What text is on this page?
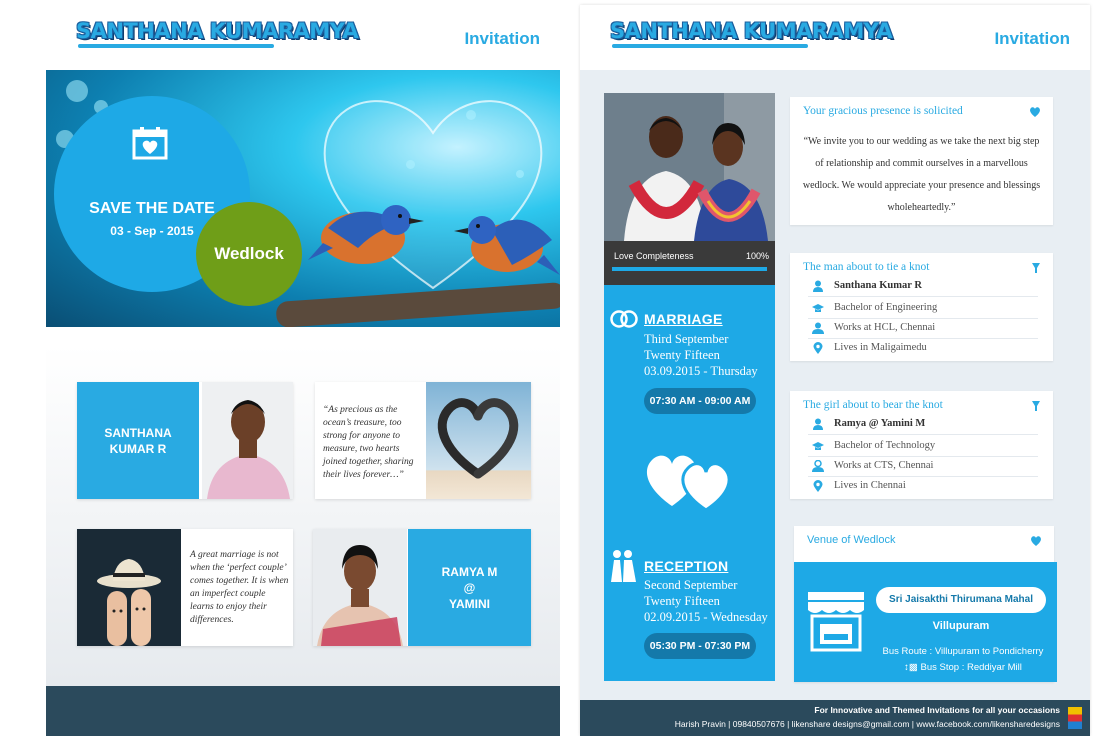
SANTHANA KUMARAMYA	Invitation
SAVE THE DATE
03 - Sep - 2015
Wedlock
SANTHANA
KUMAR R
“As precious as the ocean’s treasure, too strong for anyone to measure, two hearts joined together, sharing their lives forever…”
A great marriage is not when the ‘perfect couple’ comes together. It is when an imperfect couple learns to enjoy their differences.
RAMYA M
@
YAMINI
SANTHANA KUMARAMYA	Invitation
Love Completeness	100%
MARRIAGE
Third September
Twenty Fifteen
03.09.2015 - Thursday
07:30 AM - 09:00 AM
RECEPTION
Second September
Twenty Fifteen
02.09.2015 - Wednesday
05:30 PM - 07:30 PM
Your gracious presence is solicited
“We invite you to our wedding as we take the next big step of relationship and commit ourselves in a marvellous wedlock. We would appreciate your presence and blessings wholeheartedly.”
The man about to tie a knot
Santhana Kumar R
Bachelor of Engineering
Works at HCL, Chennai
Lives in Maligaimedu
The girl about to bear the knot
Ramya @ Yamini M
Bachelor of Technology
Works at CTS, Chennai
Lives in Chennai
Venue of Wedlock
Sri Jaisakthi Thirumana Mahal
Villupuram
Bus Route : Villupuram to Pondicherry
↕▩ Bus Stop : Reddiyar Mill
For Innovative and Themed Invitations for all your occasions
Harish Pravin | 09840507676 | likenshare designs@gmail.com | www.facebook.com/likensharedesigns
